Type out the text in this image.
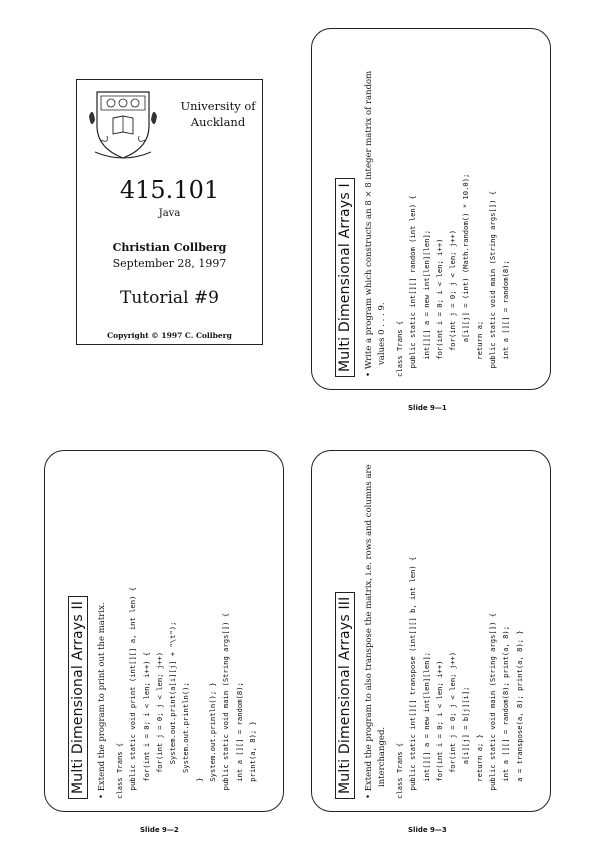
University of Auckland
415.101
Java
Christian Collberg
September 28, 1997
Tutorial #9
Copyright © 1997 C. Collberg	Multi Dimensional Arrays I
• Write a program which constructs an 8 × 8 integer matrix of random values 0 . . . 9.
class Trans {
public static int[][] random (int len) {
int[][] a = new int[len][len];
for(int i = 0; i < len; i++)
for(int j = 0; j < len; j++)
a[i][j] = (int) (Math.random() * 10.0);
return a;
public static void main (String args[]) {
int a [][] = random(8);
Slide 9—1
Multi Dimensional Arrays II
• Extend the program to print out the matrix. class Trans {
public static void print (int[][] a, int len) {
for(int i = 0; i < len; i++) {
for(int j = 0; j < len; j++)
System.out.print(a[i][j] + "\t");
System.out.println();
}
System.out.println(); }
public static void main (String args[]) {
int a [][] = random(8);
print(a, 8); }
Slide 9—2
Multi Dimensional Arrays III
• Extend the program to also transpose the matrix, i.e. rows and columns are interchanged.
class Trans {
public static int[][] transpose (int[][] b, int len) {
int[][] a = new int[len][len];
for(int i = 0; i < len; i++)
for(int j = 0; j < len; j++)
a[i][j] = b[j][i];
return a; }
public static void main (String args[]) {
int a [][] = random(8); print(a, 8);
a = transpose(a, 8); print(a, 8); }
Slide 9—3
